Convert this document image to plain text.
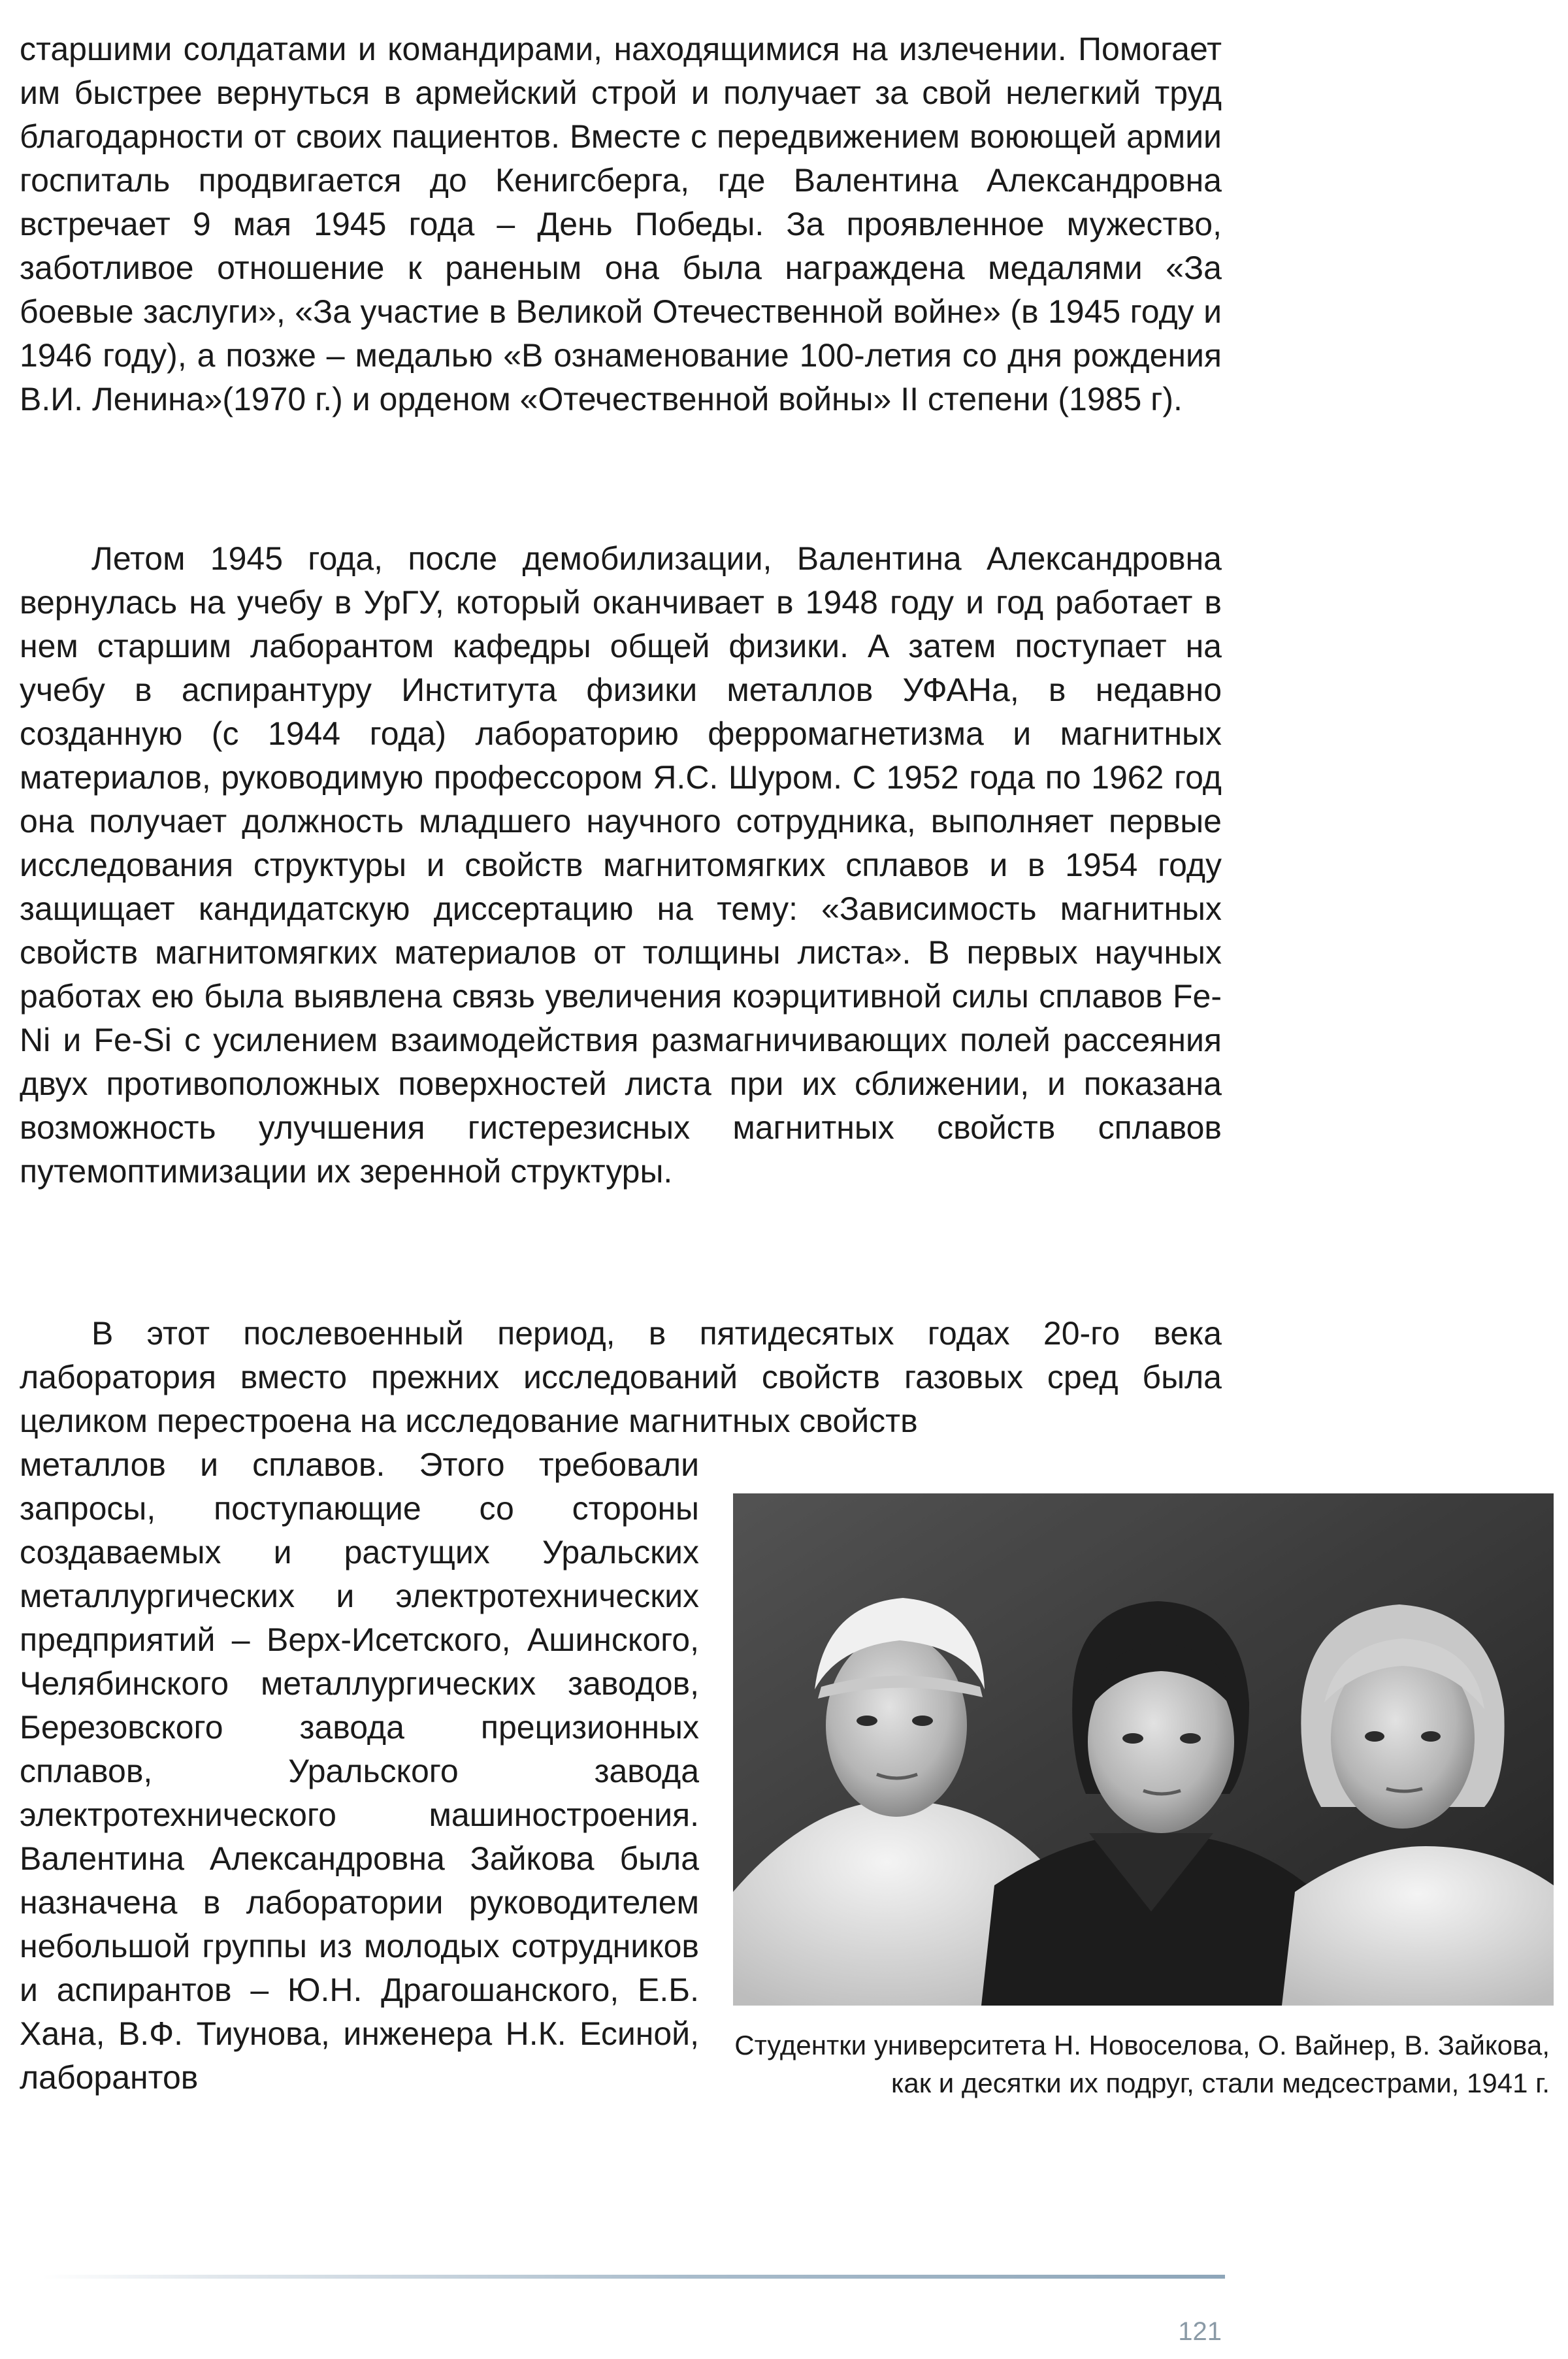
старшими солдатами и командирами, находящимися на излечении. Помогает им быстрее вернуться в армейский строй и получает за свой нелегкий труд благодарности от своих пациентов. Вместе с передвижением воюющей армии госпиталь продвигается до Кенигсберга, где Валентина Александровна встречает 9 мая 1945 года – День Победы. За проявленное мужество, заботливое отношение к раненым она была награждена медалями «За боевые заслуги», «За участие в Великой Отечественной войне» (в 1945 году и 1946 году), а позже – медалью «В ознаменование 100-летия со дня рождения В.И. Ленина»(1970 г.) и орденом «Отечественной войны» II степени (1985 г).

Летом 1945 года, после демобилизации, Валентина Александровна вернулась на учебу в УрГУ, который оканчивает в 1948 году и год работает в нем старшим лаборантом кафедры общей физики. А затем поступает на учебу в аспирантуру Института физики металлов УФАНа, в недавно созданную (с 1944 года) лабораторию ферромагнетизма и магнитных материалов, руководимую профессором Я.С. Шуром. С 1952 года по 1962 год она получает должность младшего научного сотрудника, выполняет первые исследования структуры и свойств магнитомягких сплавов и в 1954 году защищает кандидатскую диссертацию на тему: «Зависимость магнитных свойств магнитомягких материалов от толщины листа». В первых научных работах ею была выявлена связь увеличения коэрцитивной силы сплавов Fe-Ni и Fe-Si с усилением взаимодействия размагничивающих полей рассеяния двух противоположных поверхностей листа при их сближении, и показана возможность улучшения гистерезисных магнитных свойств сплавов путемоптимизации их зеренной структуры.

В этот послевоенный период, в пятидесятых годах 20-го века лаборатория вместо прежних исследований свойств газовых сред была целиком перестроена на исследование магнитных свойств

металлов и сплавов. Этого требовали запросы, поступающие со стороны создаваемых и растущих Уральских металлургических и электротехнических предприятий – Верх-Исетского, Ашинского, Челябинского металлургических заводов, Березовского завода прецизионных сплавов, Уральского завода электротехнического машиностроения. Валентина Александровна Зайкова была назначена в лаборатории руководителем небольшой группы из молодых сотрудников и аспирантов – Ю.Н. Драгошанского, Е.Б. Хана, В.Ф. Тиунова, инженера Н.К. Есиной, лаборантов

Студентки университета Н. Новоселова, О. Вайнер, В. Зайкова, как и десятки их подруг, стали медсестрами, 1941 г.
121
